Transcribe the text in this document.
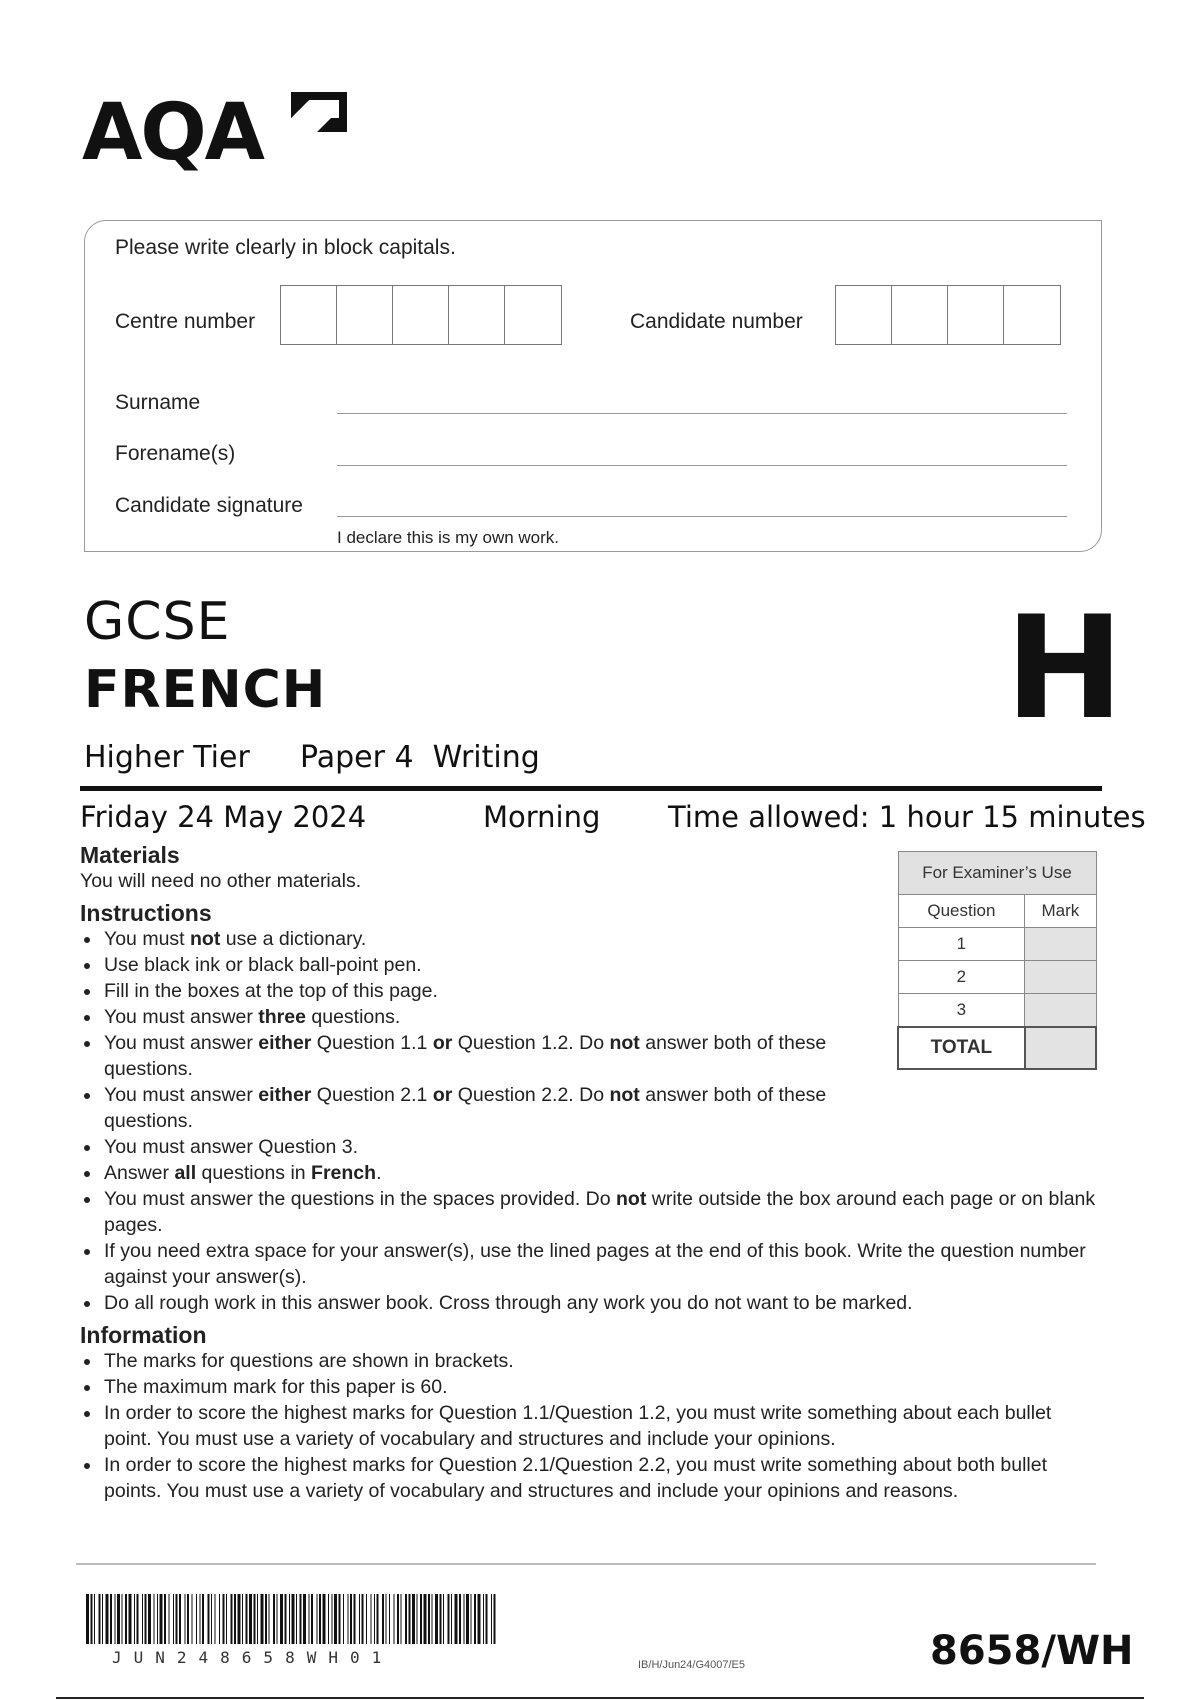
AQA
Please write clearly in block capitals.
Centre number	Candidate number
Surname
Forename(s)
Candidate signature
I declare this is my own work.
GCSE
FRENCH	H
Higher Tier Paper 4  Writing
Friday 24 May 2024	Morning Time allowed: 1 hour 15 minutes
Materials
You will need no other materials.
Instructions
• You must not use a dictionary.
• Use black ink or black ball-point pen.
• Fill in the boxes at the top of this page.
• You must answer three questions.
• You must answer either Question 1.1 or Question 1.2. Do not answer both of these questions.
• You must answer either Question 2.1 or Question 2.2. Do not answer both of these questions.
• You must answer Question 3.
• Answer all questions in French.
• You must answer the questions in the spaces provided. Do not write outside the box around each page or on blank pages.
• If you need extra space for your answer(s), use the lined pages at the end of this book. Write the question number against your answer(s).
• Do all rough work in this answer book. Cross through any work you do not want to be marked.
Information
• The marks for questions are shown in brackets.
• The maximum mark for this paper is 60.
• In order to score the highest marks for Question 1.1/Question 1.2, you must write something about each bullet point. You must use a variety of vocabulary and structures and include your opinions.
• In order to score the highest marks for Question 2.1/Question 2.2, you must write something about both bullet points. You must use a variety of vocabulary and structures and include your opinions and reasons.
For Examiner’s Use	
Question	Mark
1	
2	
3	
TOTAL	
JUN248658WH01	IB/H/Jun24/G4007/E5	8658/WH
